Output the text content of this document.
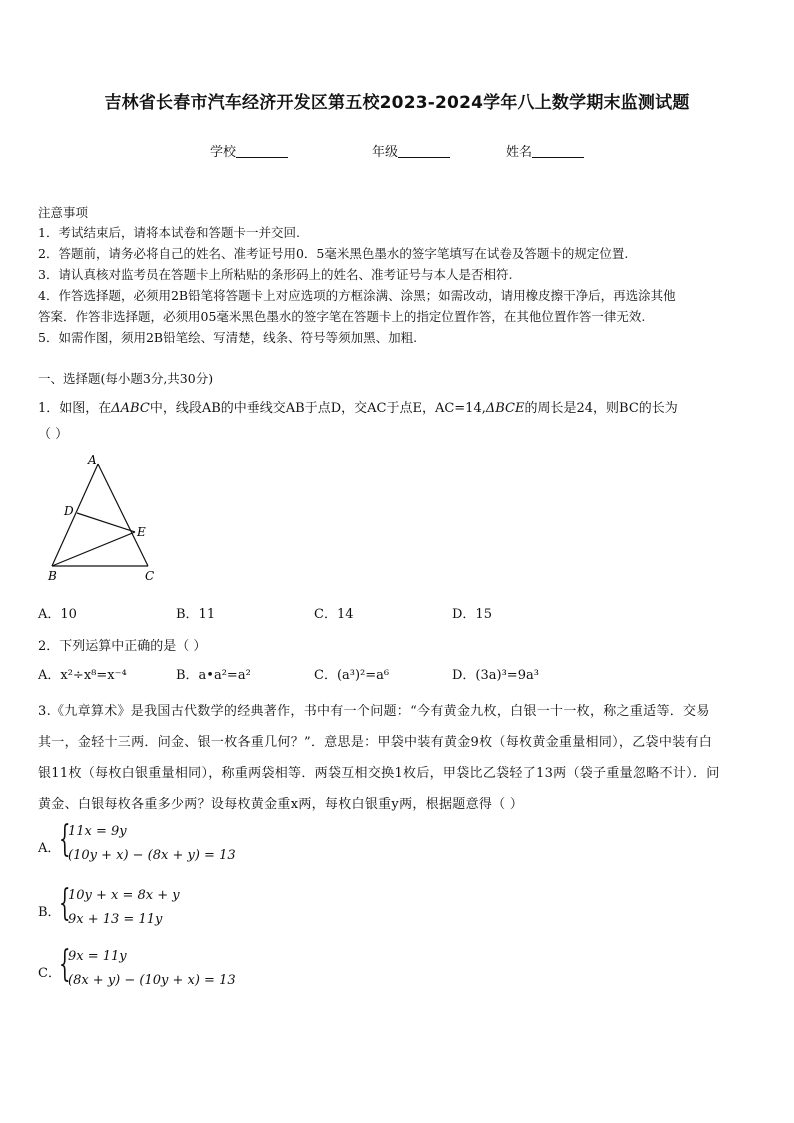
吉林省长春市汽车经济开发区第五校2023-2024学年八上数学期末监测试题
学校	年级	姓名
注意事项
1．考试结束后，请将本试卷和答题卡一并交回.
2．答题前，请务必将自己的姓名、准考证号用0．5毫米黑色墨水的签字笔填写在试卷及答题卡的规定位置.
3．请认真核对监考员在答题卡上所粘贴的条形码上的姓名、准考证号与本人是否相符.
4．作答选择题，必须用2B铅笔将答题卡上对应选项的方框涂满、涂黑；如需改动，请用橡皮擦干净后，再选涂其他
答案．作答非选择题，必须用05毫米黑色墨水的签字笔在答题卡上的指定位置作答，在其他位置作答一律无效.
5．如需作图，须用2B铅笔绘、写清楚，线条、符号等须加黑、加粗.
一、选择题(每小题3分,共30分)
1．如图，在ΔABC中，线段AB的中垂线交AB于点D，交AC于点E，AC=14,ΔBCE的周长是24，则BC的长为
（ ）
A
D
E
B	C
A．10	B．11	C．14	D．15
2．下列运算中正确的是（ ）
A．x²÷x⁸=x⁻⁴	B．a•a²=a²	C．(a³)²=a⁶	D．(3a)³=9a³
3.《九章算术》是我国古代数学的经典著作，书中有一个问题：“今有黄金九枚，白银一十一枚，称之重适等．交易
其一，金轻十三两．问金、银一枚各重几何？”．意思是：甲袋中装有黄金9枚（每枚黄金重量相同），乙袋中装有白
银11枚（每枚白银重量相同），称重两袋相等．两袋互相交换1枚后，甲袋比乙袋轻了13两（袋子重量忽略不计）．问
黄金、白银每枚各重多少两？设每枚黄金重x两，每枚白银重y两，根据题意得（ ）
A．
{
11x = 9y
(10y + x) − (8x + y) = 13
B．
{
10y + x = 8x + y
9x + 13 = 11y
C．
{
9x = 11y
(8x + y) − (10y + x) = 13
